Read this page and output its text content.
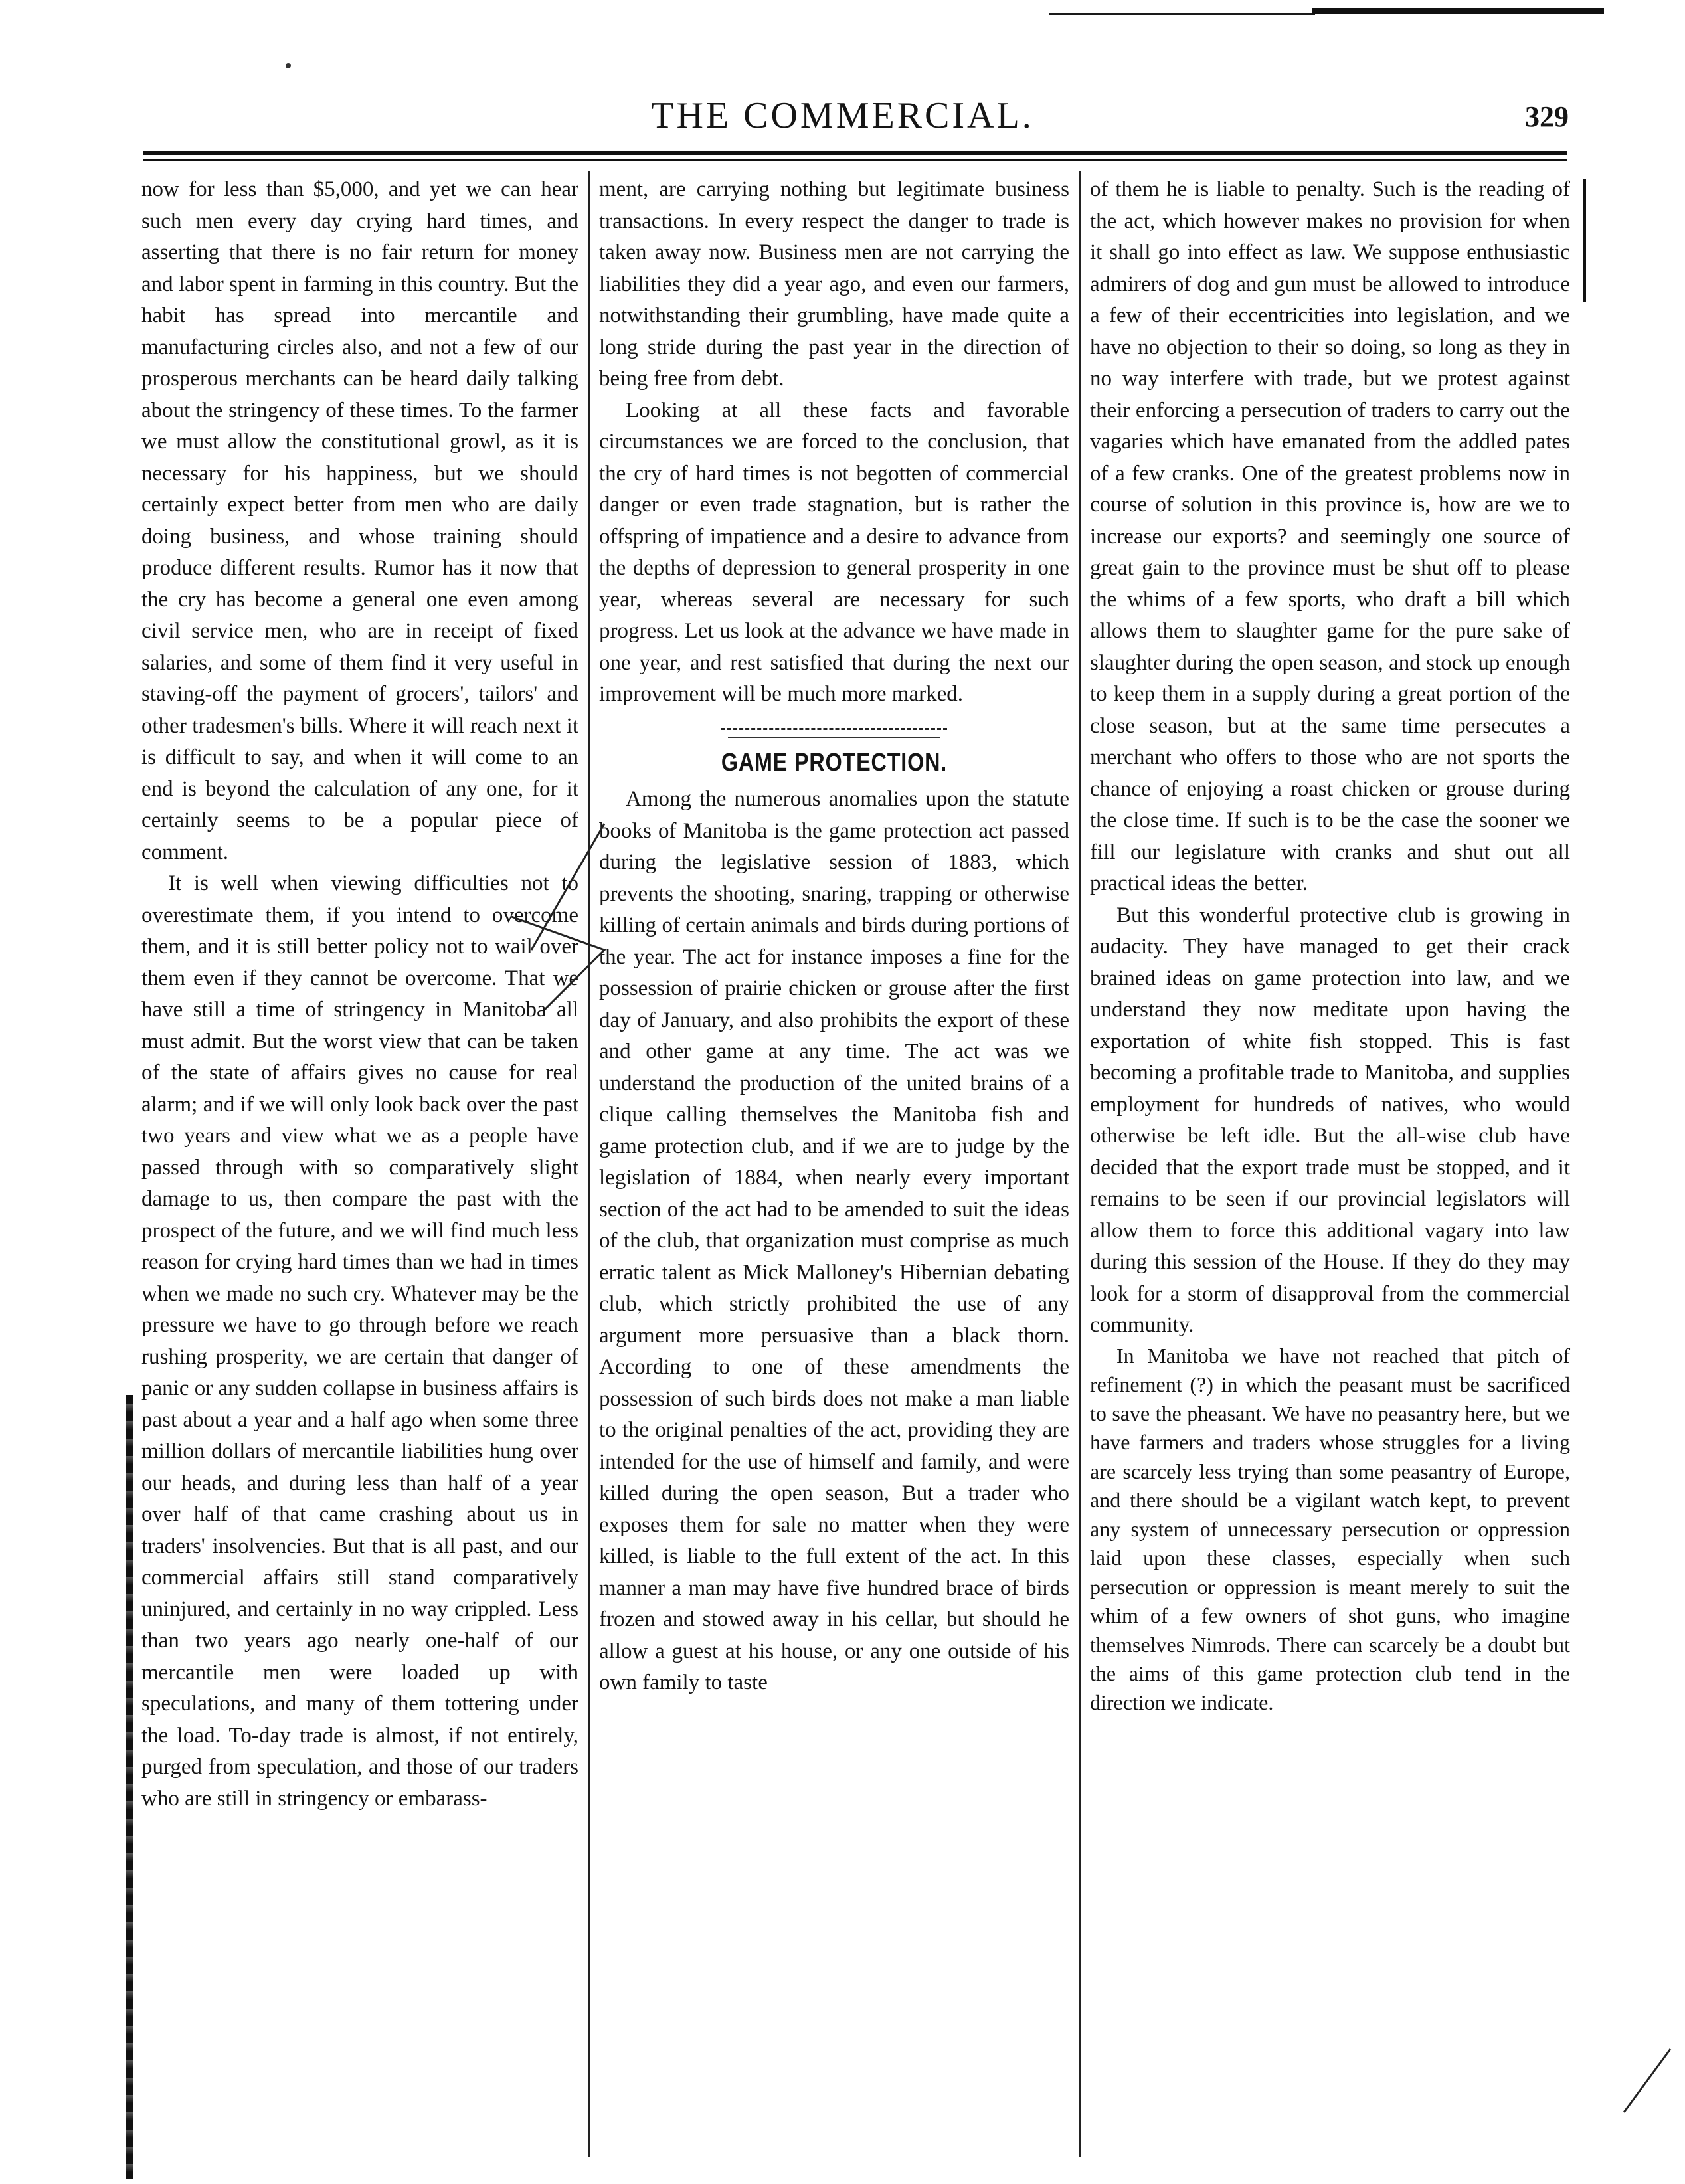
THE COMMERCIAL.	329

now for less than $5,000, and yet we can hear such men every day crying hard times, and asserting that there is no fair return for money and labor spent in farming in this country. But the habit has spread into mercantile and manufacturing circles also, and not a few of our prosperous merchants can be heard daily talking about the stringency of these times. To the farmer we must allow the constitutional growl, as it is necessary for his happiness, but we should certainly expect better from men who are daily doing business, and whose training should produce different results. Rumor has it now that the cry has become a general one even among civil service men, who are in receipt of fixed salaries, and some of them find it very useful in staving-off the payment of grocers', tailors' and other tradesmen's bills. Where it will reach next it is difficult to say, and when it will come to an end is beyond the calculation of any one, for it certainly seems to be a popular piece of comment.

It is well when viewing difficulties not to overestimate them, if you intend to overcome them, and it is still better policy not to wail over them even if they cannot be overcome. That we have still a time of stringency in Manitoba all must admit. But the worst view that can be taken of the state of affairs gives no cause for real alarm; and if we will only look back over the past two years and view what we as a people have passed through with so comparatively slight damage to us, then compare the past with the prospect of the future, and we will find much less reason for crying hard times than we had in times when we made no such cry. Whatever may be the pressure we have to go through before we reach rushing prosperity, we are certain that danger of panic or any sudden collapse in business affairs is past about a year and a half ago when some three million dollars of mercantile liabilities hung over our heads, and during less than half of a year over half of that came crashing about us in traders' insolvencies. But that is all past, and our commercial affairs still stand comparatively uninjured, and certainly in no way crippled. Less than two years ago nearly one-half of our mercantile men were loaded up with speculations, and many of them tottering under the load. To-day trade is almost, if not entirely, purged from speculation, and those of our traders who are still in stringency or embarass-

ment, are carrying nothing but legitimate business transactions. In every respect the danger to trade is taken away now. Business men are not carrying the liabilities they did a year ago, and even our farmers, notwithstanding their grumbling, have made quite a long stride during the past year in the direction of being free from debt.

Looking at all these facts and favorable circumstances we are forced to the conclusion, that the cry of hard times is not begotten of commercial danger or even trade stagnation, but is rather the offspring of impatience and a desire to advance from the depths of depression to general prosperity in one year, whereas several are necessary for such progress. Let us look at the advance we have made in one year, and rest satisfied that during the next our improvement will be much more marked.

GAME PROTECTION.

Among the numerous anomalies upon the statute books of Manitoba is the game protection act passed during the legislative session of 1883, which prevents the shooting, snaring, trapping or otherwise killing of certain animals and birds during portions of the year. The act for instance imposes a fine for the possession of prairie chicken or grouse after the first day of January, and also prohibits the export of these and other game at any time. The act was we understand the production of the united brains of a clique calling themselves the Manitoba fish and game protection club, and if we are to judge by the legislation of 1884, when nearly every important section of the act had to be amended to suit the ideas of the club, that organization must comprise as much erratic talent as Mick Malloney's Hibernian debating club, which strictly prohibited the use of any argument more persuasive than a black thorn. According to one of these amendments the possession of such birds does not make a man liable to the original penalties of the act, providing they are intended for the use of himself and family, and were killed during the open season, But a trader who exposes them for sale no matter when they were killed, is liable to the full extent of the act. In this manner a man may have five hundred brace of birds frozen and stowed away in his cellar, but should he allow a guest at his house, or any one outside of his own family to taste

of them he is liable to penalty. Such is the reading of the act, which however makes no provision for when it shall go into effect as law. We suppose enthusiastic admirers of dog and gun must be allowed to introduce a few of their eccentricities into legislation, and we have no objection to their so doing, so long as they in no way interfere with trade, but we protest against their enforcing a persecution of traders to carry out the vagaries which have emanated from the addled pates of a few cranks. One of the greatest problems now in course of solution in this province is, how are we to increase our exports? and seemingly one source of great gain to the province must be shut off to please the whims of a few sports, who draft a bill which allows them to slaughter game for the pure sake of slaughter during the open season, and stock up enough to keep them in a supply during a great portion of the close season, but at the same time persecutes a merchant who offers to those who are not sports the chance of enjoying a roast chicken or grouse during the close time. If such is to be the case the sooner we fill our legislature with cranks and shut out all practical ideas the better.

But this wonderful protective club is growing in audacity. They have managed to get their crack brained ideas on game protection into law, and we understand they now meditate upon having the exportation of white fish stopped. This is fast becoming a profitable trade to Manitoba, and supplies employment for hundreds of natives, who would otherwise be left idle. But the all-wise club have decided that the export trade must be stopped, and it remains to be seen if our provincial legislators will allow them to force this additional vagary into law during this session of the House. If they do they may look for a storm of disapproval from the commercial community.

In Manitoba we have not reached that pitch of refinement (?) in which the peasant must be sacrificed to save the pheasant. We have no peasantry here, but we have farmers and traders whose struggles for a living are scarcely less trying than some peasantry of Europe, and there should be a vigilant watch kept, to prevent any system of unnecessary persecution or oppression laid upon these classes, especially when such persecution or oppression is meant merely to suit the whim of a few owners of shot guns, who imagine themselves Nimrods. There can scarcely be a doubt but the aims of this game protection club tend in the direction we indicate.
